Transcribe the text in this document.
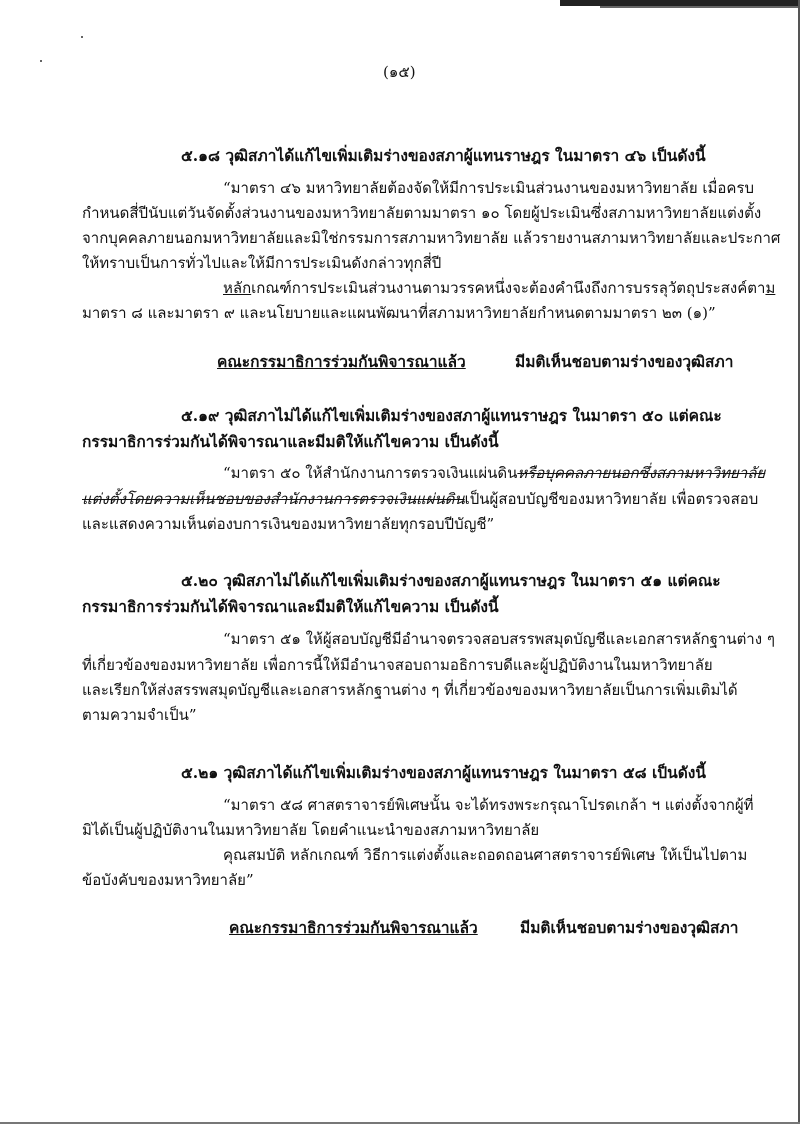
(๑๕)
๕.๑๘ วุฒิสภาได้แก้ไขเพิ่มเติมร่างของสภาผู้แทนราษฎร ในมาตรา ๔๖ เป็นดังนี้
“มาตรา ๔๖ มหาวิทยาลัยต้องจัดให้มีการประเมินส่วนงานของมหาวิทยาลัย เมื่อครบ
กำหนดสี่ปีนับแต่วันจัดตั้งส่วนงานของมหาวิทยาลัยตามมาตรา ๑๐ โดยผู้ประเมินซึ่งสภามหาวิทยาลัยแต่งตั้ง
จากบุคคลภายนอกมหาวิทยาลัยและมิใช่กรรมการสภามหาวิทยาลัย แล้วรายงานสภามหาวิทยาลัยและประกาศ
ให้ทราบเป็นการทั่วไปและให้มีการประเมินดังกล่าวทุกสี่ปี
หลักเกณฑ์การประเมินส่วนงานตามวรรคหนึ่งจะต้องคำนึงถึงการบรรลุวัตถุประสงค์ตาม
มาตรา ๘ และมาตรา ๙ และนโยบายและแผนพัฒนาที่สภามหาวิทยาลัยกำหนดตามมาตรา ๒๓ (๑)”
คณะกรรมาธิการร่วมกันพิจารณาแล้ว	มีมติเห็นชอบตามร่างของวุฒิสภา
๕.๑๙ วุฒิสภาไม่ได้แก้ไขเพิ่มเติมร่างของสภาผู้แทนราษฎร ในมาตรา ๕๐ แต่คณะ
กรรมาธิการร่วมกันได้พิจารณาและมีมติให้แก้ไขความ เป็นดังนี้
“มาตรา ๕๐ ให้สำนักงานการตรวจเงินแผ่นดินหรือบุคคลภายนอกซึ่งสภามหาวิทยาลัย
แต่งตั้งโดยความเห็นชอบของสำนักงานการตรวจเงินแผ่นดินเป็นผู้สอบบัญชีของมหาวิทยาลัย เพื่อตรวจสอบ
และแสดงความเห็นต่องบการเงินของมหาวิทยาลัยทุกรอบปีบัญชี”
๕.๒๐ วุฒิสภาไม่ได้แก้ไขเพิ่มเติมร่างของสภาผู้แทนราษฎร ในมาตรา ๕๑ แต่คณะ
กรรมาธิการร่วมกันได้พิจารณาและมีมติให้แก้ไขความ เป็นดังนี้
“มาตรา ๕๑ ให้ผู้สอบบัญชีมีอำนาจตรวจสอบสรรพสมุดบัญชีและเอกสารหลักฐานต่าง ๆ
ที่เกี่ยวข้องของมหาวิทยาลัย เพื่อการนี้ให้มีอำนาจสอบถามอธิการบดีและผู้ปฏิบัติงานในมหาวิทยาลัย
และเรียกให้ส่งสรรพสมุดบัญชีและเอกสารหลักฐานต่าง ๆ ที่เกี่ยวข้องของมหาวิทยาลัยเป็นการเพิ่มเติมได้
ตามความจำเป็น”
๕.๒๑ วุฒิสภาได้แก้ไขเพิ่มเติมร่างของสภาผู้แทนราษฎร ในมาตรา ๕๘ เป็นดังนี้
“มาตรา ๕๘ ศาสตราจารย์พิเศษนั้น จะได้ทรงพระกรุณาโปรดเกล้า ฯ แต่งตั้งจากผู้ที่
มิได้เป็นผู้ปฏิบัติงานในมหาวิทยาลัย โดยคำแนะนำของสภามหาวิทยาลัย
คุณสมบัติ หลักเกณฑ์ วิธีการแต่งตั้งและถอดถอนศาสตราจารย์พิเศษ ให้เป็นไปตาม
ข้อบังคับของมหาวิทยาลัย”
คณะกรรมาธิการร่วมกันพิจารณาแล้ว	มีมติเห็นชอบตามร่างของวุฒิสภา
